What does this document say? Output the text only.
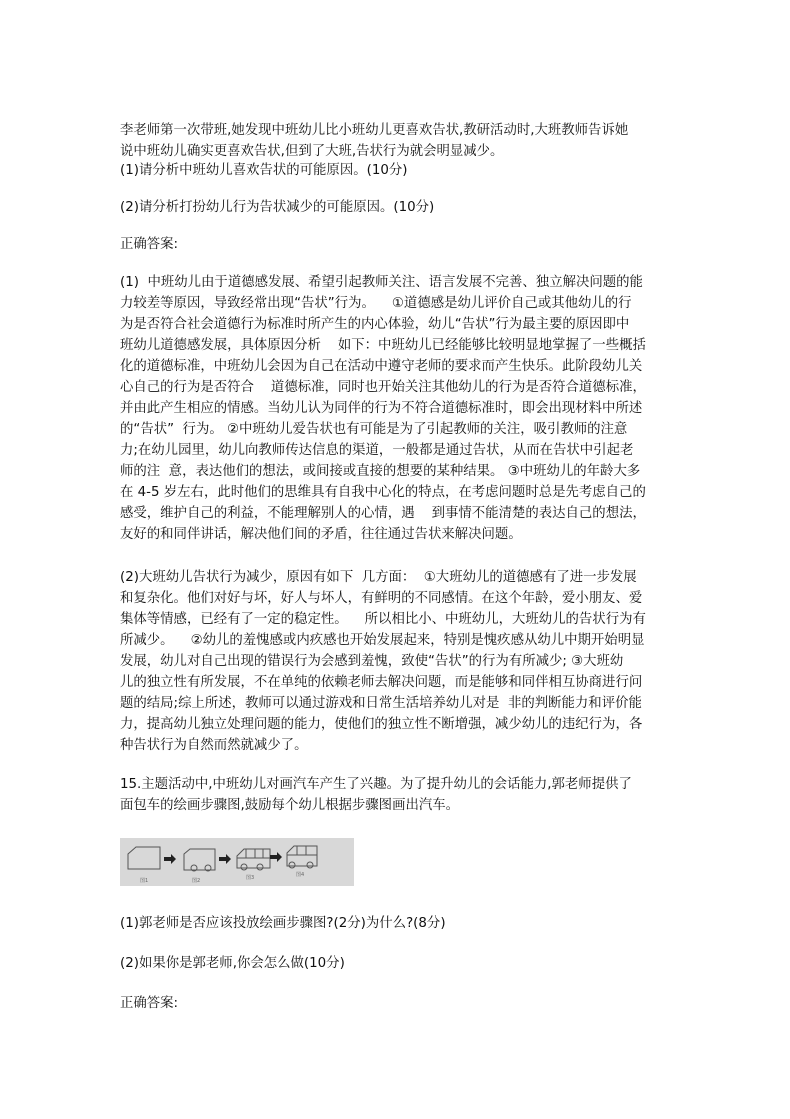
李老师第一次带班,她发现中班幼儿比小班幼儿更喜欢告状,教研活动时,大班教师告诉她
说中班幼儿确实更喜欢告状,但到了大班,告状行为就会明显减少。
(1)请分析中班幼儿喜欢告状的可能原因。(10分)
(2)请分析打扮幼儿行为告状减少的可能原因。(10分)
正确答案:
(1)  中班幼儿由于道德感发展、希望引起教师关注、语言发展不完善、独立解决问题的能
力较差等原因，导致经常出现“告状”行为。    ①道德感是幼儿评价自己或其他幼儿的行
为是否符合社会道德行为标准时所产生的内心体验，幼儿“告状”行为最主要的原因即中
班幼儿道德感发展，具体原因分析    如下：中班幼儿已经能够比较明显地掌握了一些概括
化的道德标准，中班幼儿会因为自己在活动中遵守老师的要求而产生快乐。此阶段幼儿关
心自己的行为是否符合    道德标准，同时也开始关注其他幼儿的行为是否符合道德标准，
并由此产生相应的情感。当幼儿认为同伴的行为不符合道德标准时，即会出现材料中所述
的“告状”  行为。 ②中班幼儿爱告状也有可能是为了引起教师的关注，吸引教师的注意
力;在幼儿园里，幼儿向教师传达信息的渠道，一般都是通过告状，从而在告状中引起老
师的注  意，表达他们的想法，或间接或直接的想要的某种结果。 ③中班幼儿的年龄大多
在 4-5 岁左右，此时他们的思维具有自我中心化的特点，在考虑问题时总是先考虑自己的
感受，维护自己的利益，不能理解别人的心情，遇    到事情不能清楚的表达自己的想法，
友好的和同伴讲话，解决他们间的矛盾，往往通过告状来解决问题。
(2)大班幼儿告状行为减少，原因有如下  几方面：  ①大班幼儿的道德感有了进一步发展
和复杂化。他们对好与坏，好人与坏人，有鲜明的不同感情。在这个年龄，爱小朋友、爱
集体等情感，已经有了一定的稳定性。    所以相比小、中班幼儿，大班幼儿的告状行为有
所减少。    ②幼儿的羞愧感或内疚感也开始发展起来，特别是愧疚感从幼儿中期开始明显
发展，幼儿对自己出现的错误行为会感到羞愧，致使“告状”的行为有所减少; ③大班幼
儿的独立性有所发展，不在单纯的依赖老师去解决问题，而是能够和同伴相互协商进行问
题的结局;综上所述，教师可以通过游戏和日常生活培养幼儿对是  非的判断能力和评价能
力，提高幼儿独立处理问题的能力，使他们的独立性不断增强，减少幼儿的违纪行为，各
种告状行为自然而然就减少了。
15.主题活动中,中班幼儿对画汽车产生了兴趣。为了提升幼儿的会话能力,郭老师提供了
面包车的绘画步骤图,鼓励每个幼儿根据步骤图画出汽车。
图1	图2	图3	图4
(1)郭老师是否应该投放绘画步骤图?(2分)为什么?(8分)
(2)如果你是郭老师,你会怎么做(10分)
正确答案:
